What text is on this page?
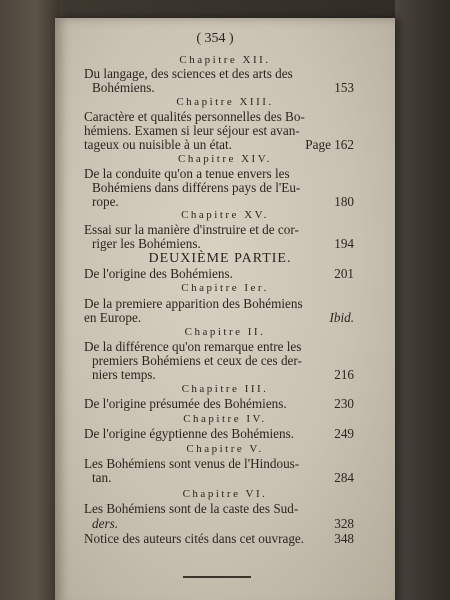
( 354 )
Chapitre XII.
Du langage, des sciences et des arts des
Bohémiens.	153
Chapitre XIII.
Caractère et qualités personnelles des Bo-
hémiens. Examen si leur séjour est avan-
tageux ou nuisible à un état.	Page 162
Chapitre XIV.
De la conduite qu'on a tenue envers les
Bohémiens dans différens pays de l'Eu-
rope.	180
Chapitre XV.
Essai sur la manière d'instruire et de cor-
riger les Bohémiens.	194
DEUXIÈME PARTIE.
De l'origine des Bohémiens.	201
Chapitre Ier.
De la premiere apparition des Bohémiens
en Europe.	Ibid.
Chapitre II.
De la différence qu'on remarque entre les
premiers Bohémiens et ceux de ces der-
niers temps.	216
Chapitre III.
De l'origine présumée des Bohémiens.	230
Chapitre IV.
De l'origine égyptienne des Bohémiens.	249
Chapitre V.
Les Bohémiens sont venus de l'Hindous-
tan.	284
Chapitre VI.
Les Bohémiens sont de la caste des Sud-
ders.	328
Notice des auteurs cités dans cet ouvrage. 348
